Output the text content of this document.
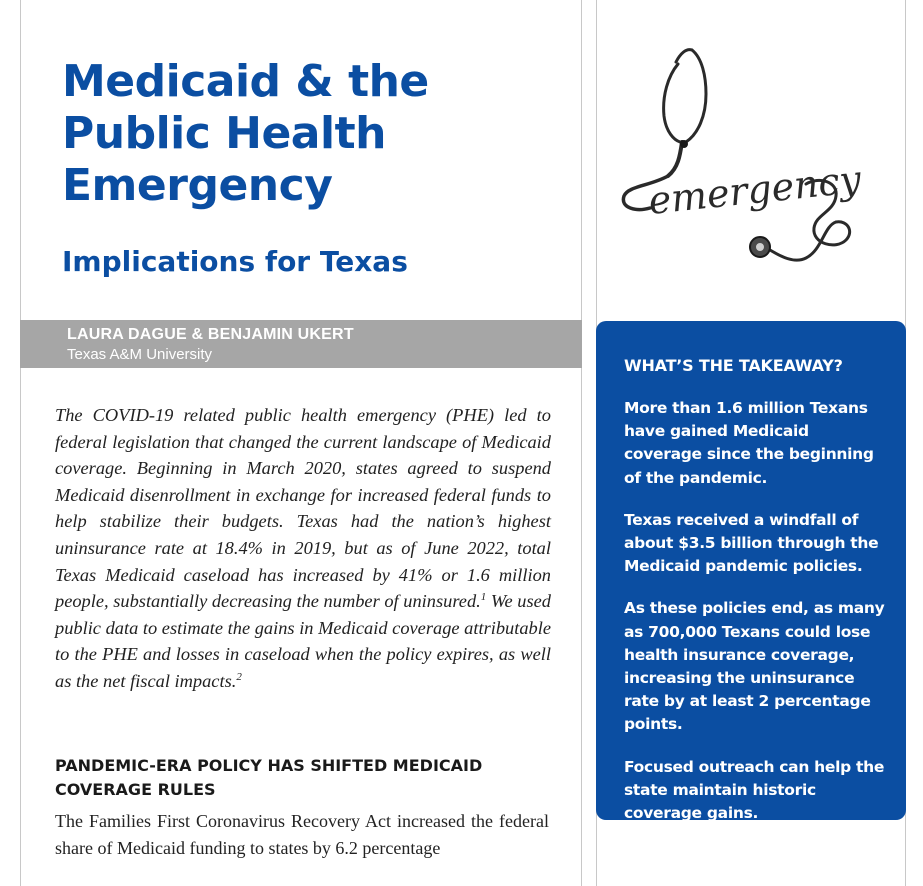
Medicaid & the Public Health Emergency
Implications for Texas
LAURA DAGUE & BENJAMIN UKERT
Texas A&M University

The COVID-19 related public health emergency (PHE) led to federal legislation that changed the current landscape of Medicaid coverage. Beginning in March 2020, states agreed to suspend Medicaid disenrollment in exchange for increased federal funds to help stabilize their budgets. Texas had the nation’s highest uninsurance rate at 18.4% in 2019, but as of June 2022, total Texas Medicaid caseload has increased by 41% or 1.6 million people, substantially decreasing the number of uninsured.$^1$ We used public data to estimate the gains in Medicaid coverage attributable to the PHE and losses in caseload when the policy expires, as well as the net fiscal impacts.$^2$

PANDEMIC-ERA POLICY HAS SHIFTED MEDICAID COVERAGE RULES

The Families First Coronavirus Recovery Act increased the federal share of Medicaid funding to states by 6.2 percentage

emergency

WHAT’S THE TAKEAWAY?

More than 1.6 million Texans have gained Medicaid coverage since the beginning of the pandemic.

Texas received a windfall of about $3.5 billion through the Medicaid pandemic policies.

As these policies end, as many as 700,000 Texans could lose health insurance coverage, increasing the uninsurance rate by at least 2 percentage points.

Focused outreach can help the state maintain historic coverage gains.
